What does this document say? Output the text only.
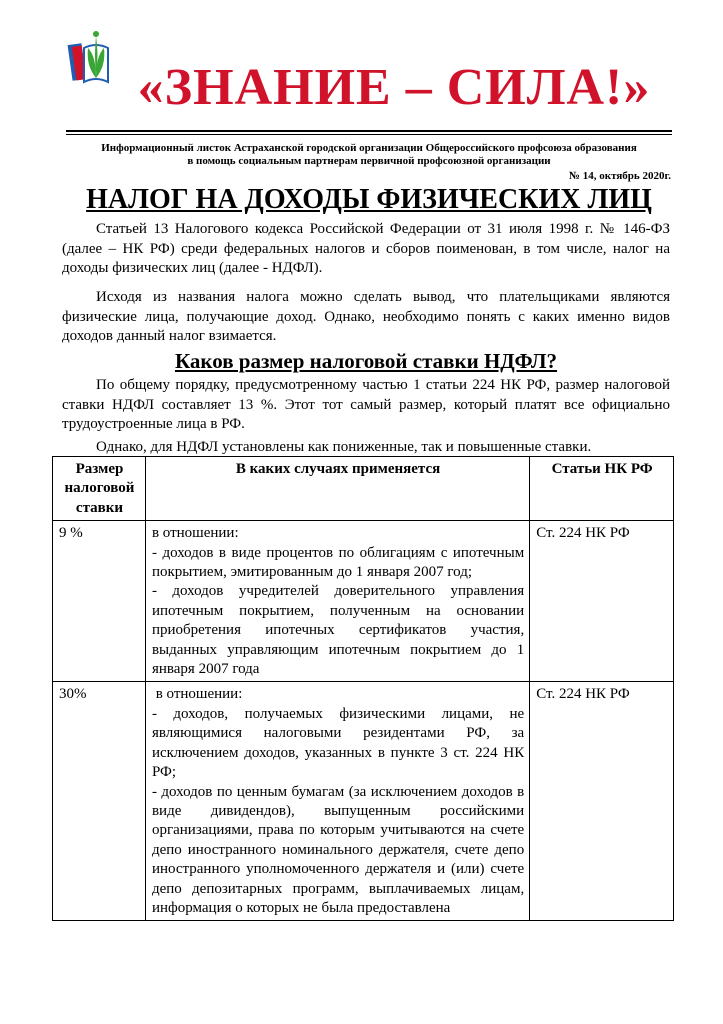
«ЗНАНИЕ – СИЛА!»
Информационный листок Астраханской городской организации Общероссийского профсоюза образования
в помощь социальным партнерам первичной профсоюзной организации
№ 14, октябрь 2020г.
НАЛОГ НА ДОХОДЫ ФИЗИЧЕСКИХ ЛИЦ
Статьей 13 Налогового кодекса Российской Федерации от 31 июля 1998 г. № 146-ФЗ (далее – НК РФ) среди федеральных налогов и сборов поименован, в том числе, налог на доходы физических лиц (далее - НДФЛ).
Исходя из названия налога можно сделать вывод, что плательщиками являются физические лица, получающие доход. Однако, необходимо понять с каких именно видов доходов данный налог взимается.
Каков размер налоговой ставки НДФЛ?
По общему порядку, предусмотренному частью 1 статьи 224 НК РФ, размер налоговой ставки НДФЛ составляет 13 %. Этот тот самый размер, который платят все официально трудоустроенные лица в РФ.
Однако, для НДФЛ установлены как пониженные, так и повышенные ставки.
Размер налоговой ставки	В каких случаях применяется	Статьи НК РФ
9 %	в отношении:
- доходов в виде процентов по облигациям с ипотечным покрытием, эмитированным до 1 января 2007 год;
- доходов учредителей доверительного управления ипотечным покрытием, полученным на основании приобретения ипотечных сертификатов участия, выданных управляющим ипотечным покрытием до 1 января 2007 года	Ст. 224 НК РФ
30%	в отношении:
- доходов, получаемых физическими лицами, не являющимися налоговыми резидентами РФ, за исключением доходов, указанных в пункте 3 ст. 224 НК РФ;
- доходов по ценным бумагам (за исключением доходов в виде дивидендов), выпущенным российскими организациями, права по которым учитываются на счете депо иностранного номинального держателя, счете депо иностранного уполномоченного держателя и (или) счете депо депозитарных программ, выплачиваемых лицам, информация о которых не была предоставлена	Ст. 224 НК РФ
